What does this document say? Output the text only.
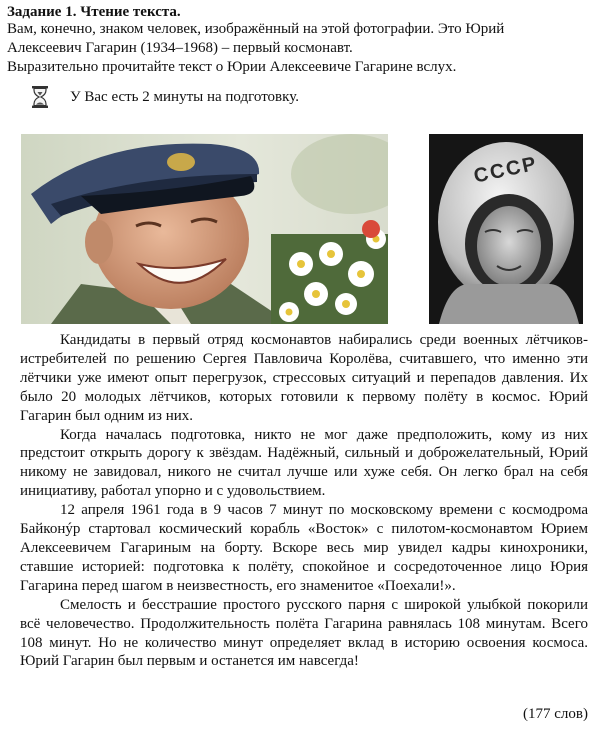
Задание 1. Чтение текста.
Вам, конечно, знаком человек, изображённый на этой фотографии. Это Юрий
Алексеевич Гагарин (1934–1968) – первый космонавт.
Выразительно прочитайте текст о Юрии Алексеевиче Гагарине вслух.
У Вас есть 2 минуты на подготовку.
СССР

Кандидаты в первый отряд космонавтов набирались среди военных лётчиков-истребителей по решению Сергея Павловича Королёва, считавшего, что именно эти лётчики уже имеют опыт перегрузок, стрессовых ситуаций и перепадов давления. Их было 20 молодых лётчиков, которых готовили к первому полёту в космос. Юрий Гагарин был одним из них.

Когда началась подготовка, никто не мог даже предположить, кому из них предстоит открыть дорогу к звёздам. Надёжный, сильный и доброжелательный, Юрий никому не завидовал, никого не считал лучше или хуже себя. Он легко брал на себя инициативу, работал упорно и с удовольствием.

12 апреля 1961 года в 9 часов 7 минут по московскому времени с космодрома Байконýр стартовал космический корабль «Восток» с пилотом-космонавтом Юрием Алексеевичем Гагариным на борту. Вскоре весь мир увидел кадры кинохроники, ставшие историей: подготовка к полёту, спокойное и сосредоточенное лицо Юрия Гагарина перед шагом в неизвестность, его знаменитое «Поехали!».

Смелость и бесстрашие простого русского парня с широкой улыбкой покорили всё человечество. Продолжительность полёта Гагарина равнялась 108 минутам. Всего 108 минут. Но не количество минут определяет вклад в историю освоения космоса. Юрий Гагарин был первым и останется им навсегда!

(177 слов)
